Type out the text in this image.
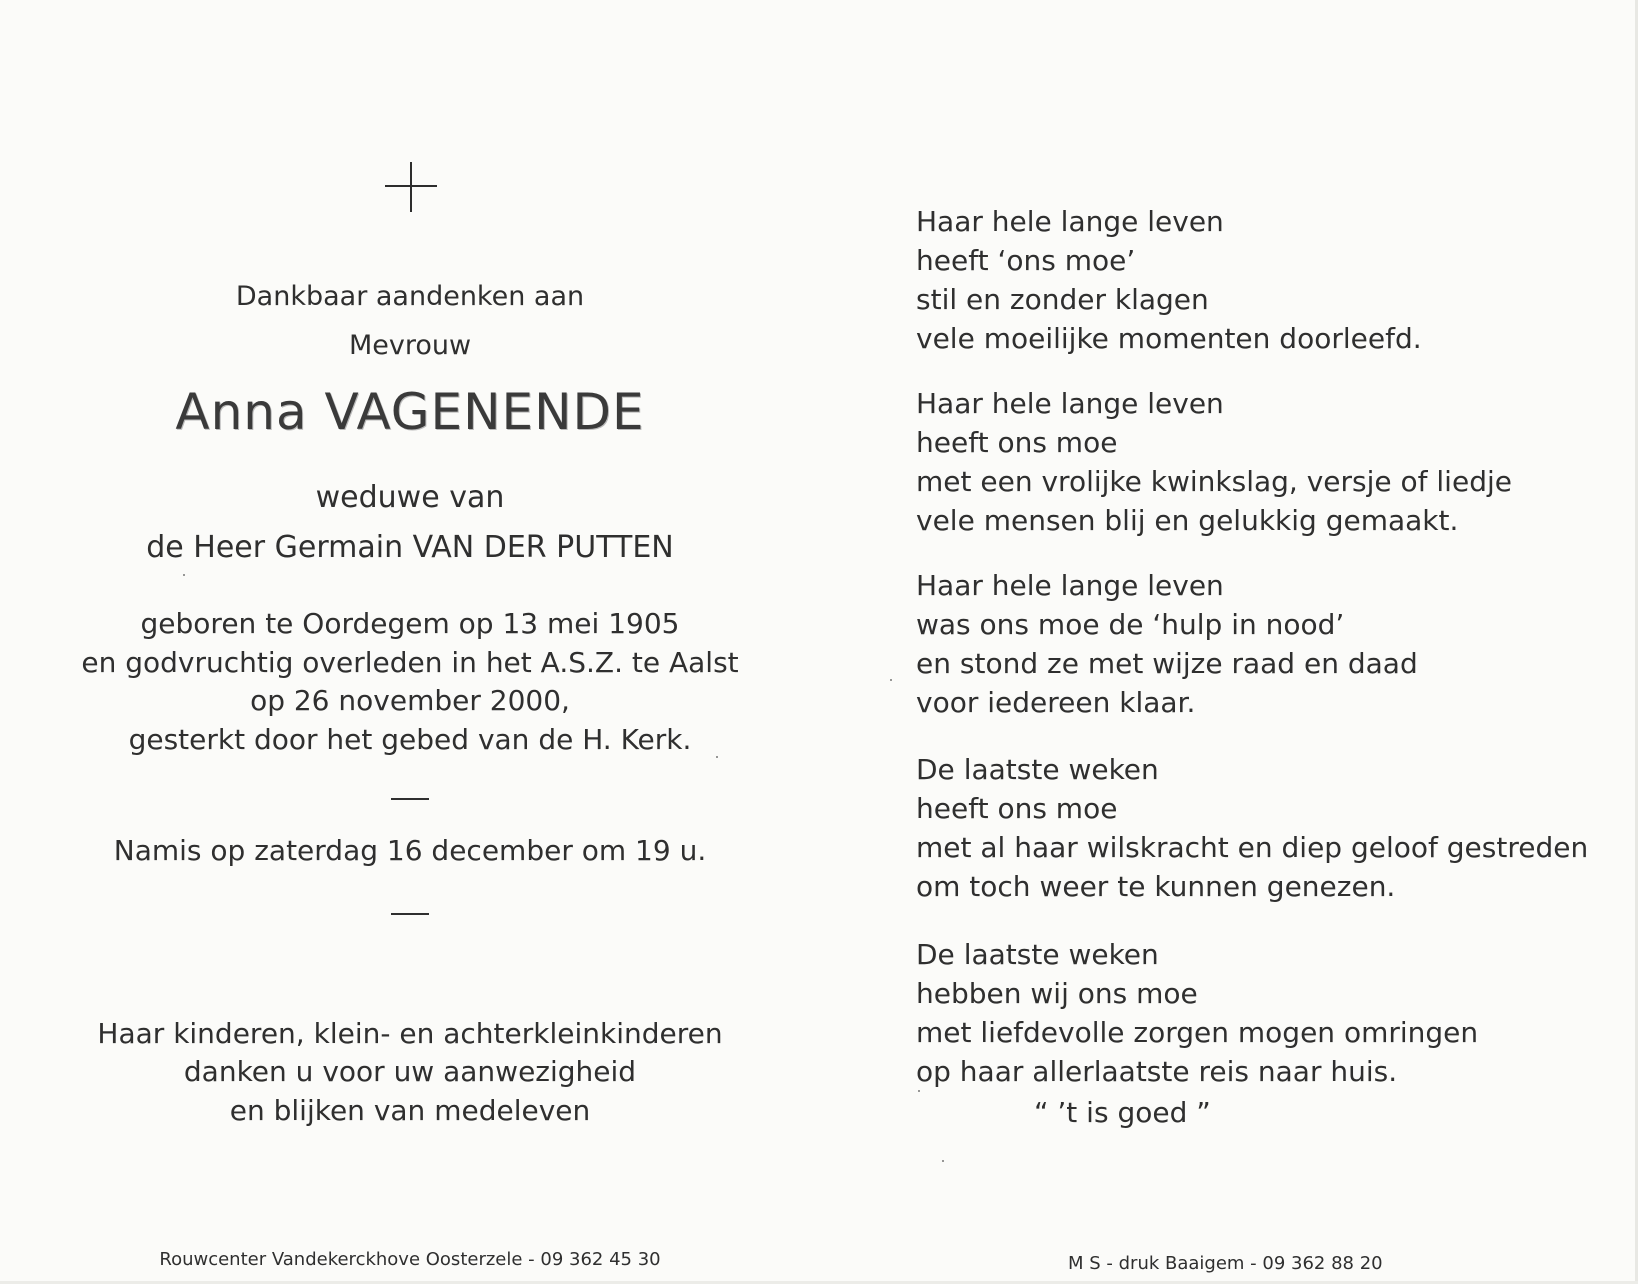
Dankbaar aandenken aan
Mevrouw
Anna VAGENENDE
weduwe van
de Heer Germain VAN DER PUTTEN
geboren te Oordegem op 13 mei 1905
en godvruchtig overleden in het A.S.Z. te Aalst
op 26 november 2000,
gesterkt door het gebed van de H. Kerk.
Namis op zaterdag 16 december om 19 u.
Haar kinderen, klein- en achterkleinkinderen
danken u voor uw aanwezigheid
en blijken van medeleven
Rouwcenter Vandekerckhove Oosterzele - 09 362 45 30
Haar hele lange leven
heeft ‘ons moe’
stil en zonder klagen
vele moeilijke momenten doorleefd.
Haar hele lange leven
heeft ons moe
met een vrolijke kwinkslag, versje of liedje
vele mensen blij en gelukkig gemaakt.
Haar hele lange leven
was ons moe de ‘hulp in nood’
en stond ze met wijze raad en daad
voor iedereen klaar.
De laatste weken
heeft ons moe
met al haar wilskracht en diep geloof gestreden
om toch weer te kunnen genezen.
De laatste weken
hebben wij ons moe
met liefdevolle zorgen mogen omringen
op haar allerlaatste reis naar huis.
“ ’t is goed ”
M S - druk Baaigem - 09 362 88 20
